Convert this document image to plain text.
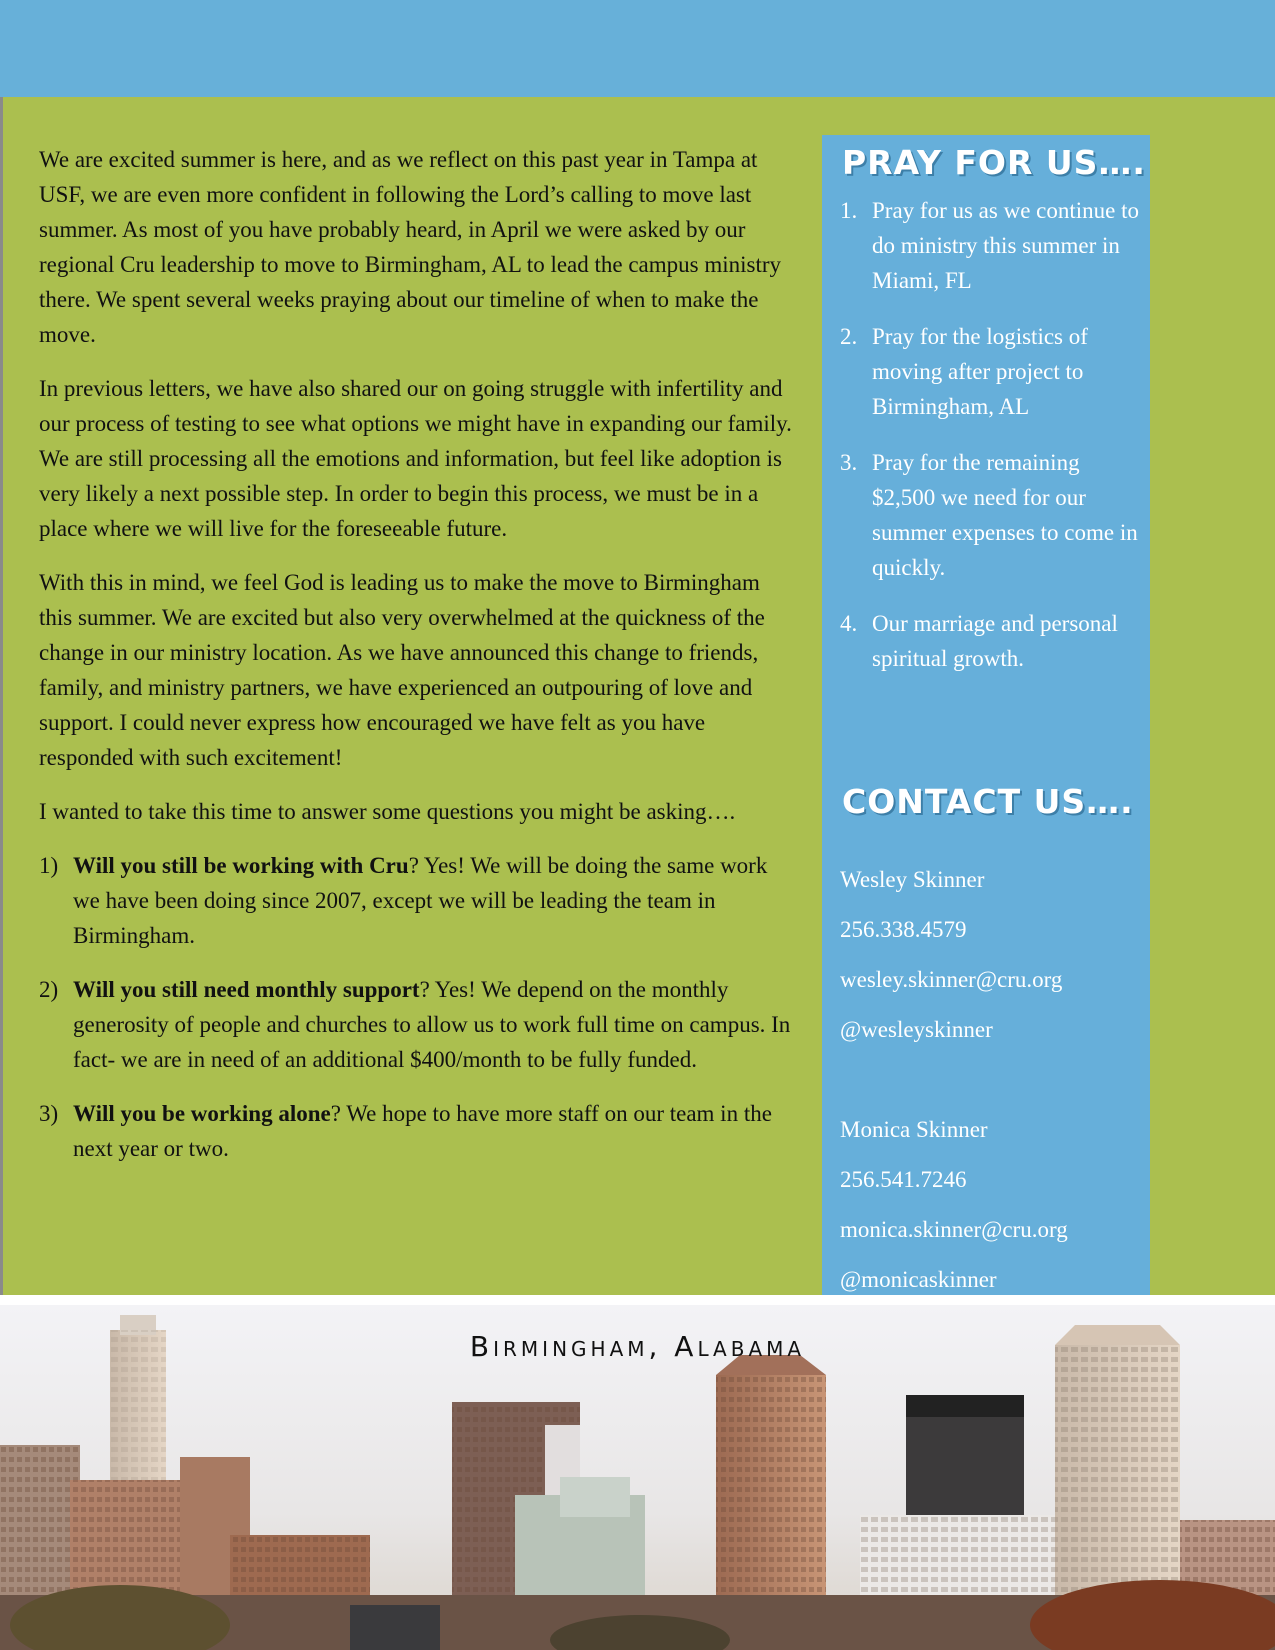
We are excited summer is here, and as we reflect on this past year in Tampa at USF, we are even more confident in following the Lord’s calling to move last summer. As most of you have probably heard, in April we were asked by our regional Cru leadership to move to Birmingham, AL to lead the campus ministry there. We spent several weeks praying about our timeline of when to make the move.

In previous letters, we have also shared our on going struggle with infertility and our process of testing to see what options we might have in expanding our family. We are still processing all the emotions and information, but feel like adoption is very likely a next possible step. In order to begin this process, we must be in a place where we will live for the foreseeable future.

With this in mind, we feel God is leading us to make the move to Birmingham this summer. We are excited but also very overwhelmed at the quickness of the change in our ministry location. As we have announced this change to friends, family, and ministry partners, we have experienced an outpouring of love and support. I could never express how encouraged we have felt as you have responded with such excitement!

I wanted to take this time to answer some questions you might be asking….

1) Will you still be working with Cru? Yes! We will be doing the same work we have been doing since 2007, except we will be leading the team in Birmingham.
2) Will you still need monthly support? Yes! We depend on the monthly generosity of people and churches to allow us to work full time on campus. In fact- we are in need of an additional $400/month to be fully funded.
3) Will you be working alone? We hope to have more staff on our team in the next year or two.
PRAY FOR US….
1. Pray for us as we continue to do ministry this summer in Miami, FL
2. Pray for the logistics of moving after project to Birmingham, AL
3. Pray for the remaining $2,500 we need for our summer expenses to come in quickly.
4. Our marriage and personal spiritual growth.
CONTACT US….
Wesley Skinner
256.338.4579
wesley.skinner@cru.org
@wesleyskinner
Monica Skinner
256.541.7246
monica.skinner@cru.org
@monicaskinner
Birmingham, Alabama
